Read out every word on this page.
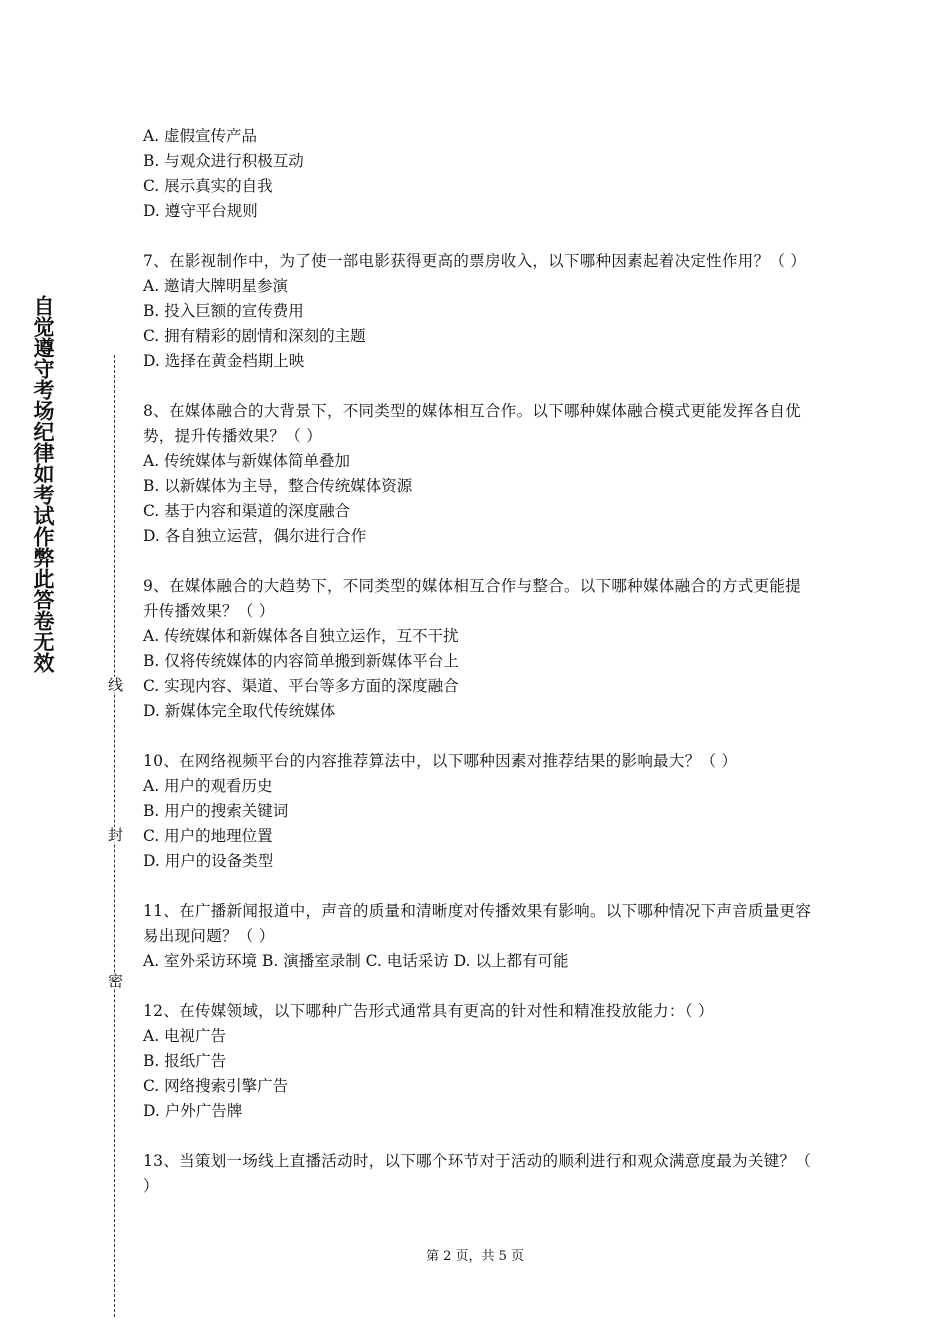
自觉遵守考场纪律如考试作弊此答卷无效
线
封
密
A. 虚假宣传产品
B. 与观众进行积极互动
C. 展示真实的自我
D. 遵守平台规则
7、在影视制作中，为了使一部电影获得更高的票房收入，以下哪种因素起着决定性作用？（ ）
A. 邀请大牌明星参演
B. 投入巨额的宣传费用
C. 拥有精彩的剧情和深刻的主题
D. 选择在黄金档期上映
8、在媒体融合的大背景下，不同类型的媒体相互合作。以下哪种媒体融合模式更能发挥各自优势，提升传播效果？（ ）
A. 传统媒体与新媒体简单叠加
B. 以新媒体为主导，整合传统媒体资源
C. 基于内容和渠道的深度融合
D. 各自独立运营，偶尔进行合作
9、在媒体融合的大趋势下，不同类型的媒体相互合作与整合。以下哪种媒体融合的方式更能提升传播效果？（ ）
A. 传统媒体和新媒体各自独立运作，互不干扰
B. 仅将传统媒体的内容简单搬到新媒体平台上
C. 实现内容、渠道、平台等多方面的深度融合
D. 新媒体完全取代传统媒体
10、在网络视频平台的内容推荐算法中，以下哪种因素对推荐结果的影响最大？（ ）
A. 用户的观看历史
B. 用户的搜索关键词
C. 用户的地理位置
D. 用户的设备类型
11、在广播新闻报道中，声音的质量和清晰度对传播效果有影响。以下哪种情况下声音质量更容易出现问题？（ ）
A. 室外采访环境 B. 演播室录制 C. 电话采访 D. 以上都有可能
12、在传媒领域，以下哪种广告形式通常具有更高的针对性和精准投放能力：（ ）
A. 电视广告
B. 报纸广告
C. 网络搜索引擎广告
D. 户外广告牌
13、当策划一场线上直播活动时，以下哪个环节对于活动的顺利进行和观众满意度最为关键？（ ）
第 2 页，共 5 页
